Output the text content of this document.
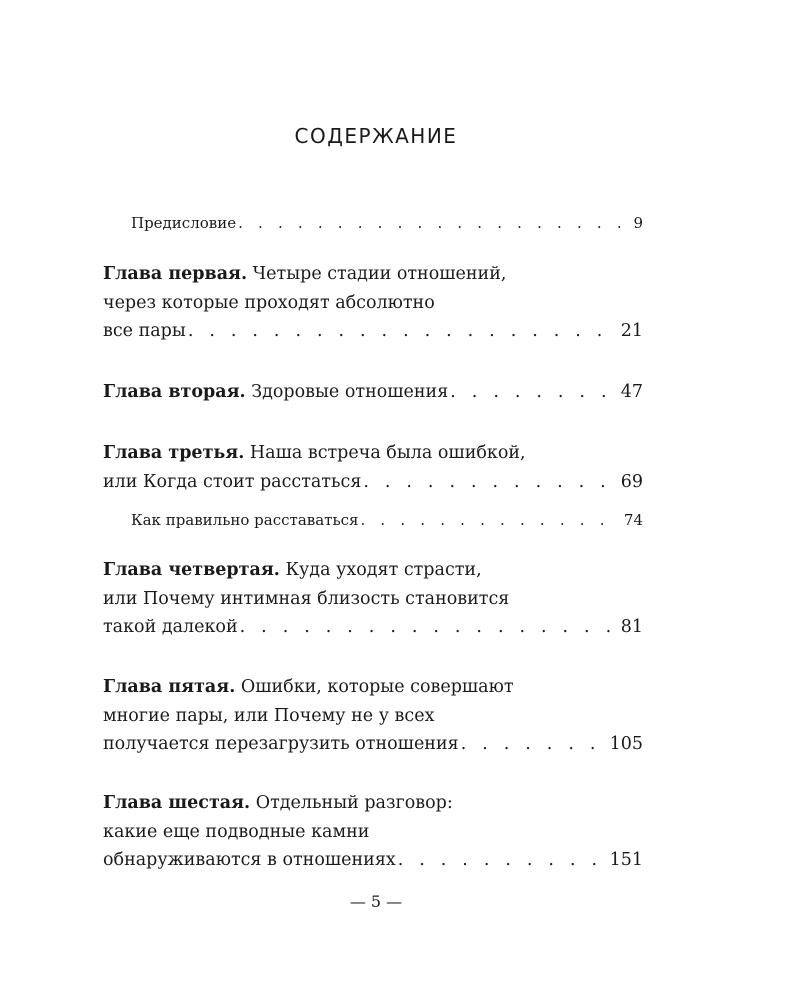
СОДЕРЖАНИЕ
Предисловие . . .	9
Глава первая. Четыре стадии отношений,
через которые проходят абсолютно
все пары . . .	21
Глава вторая. Здоровые отношения . . .	47
Глава третья. Наша встреча была ошибкой,
или Когда стоит расстаться . . .	69
Как правильно расставаться . . .	74
Глава четвертая. Куда уходят страсти,
или Почему интимная близость становится
такой далекой . . .	81
Глава пятая. Ошибки, которые совершают
многие пары, или Почему не у всех
получается перезагрузить отношения . . .	105
Глава шестая. Отдельный разговор:
какие еще подводные камни
обнаруживаются в отношениях . . .	151
— 5 —
